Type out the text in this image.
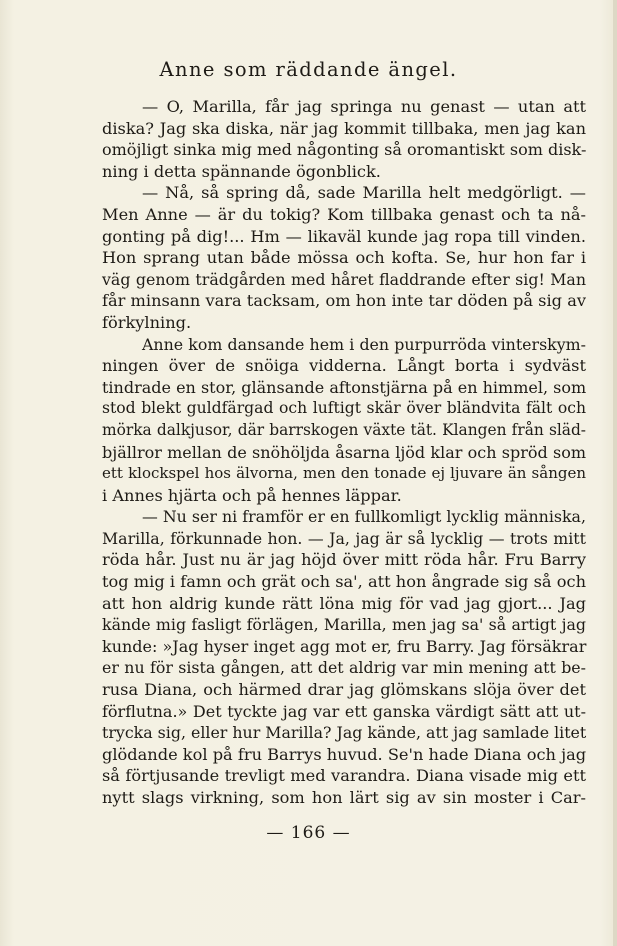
Anne som räddande ängel.
— O, Marilla, får jag springa nu genast — utan att
diska? Jag ska diska, när jag kommit tillbaka, men jag kan
omöjligt sinka mig med någonting så oromantiskt som disk-
ning i detta spännande ögonblick.
— Nå, så spring då, sade Marilla helt medgörligt. —
Men Anne — är du tokig? Kom tillbaka genast och ta nå-
gonting på dig!... Hm — likaväl kunde jag ropa till vinden.
Hon sprang utan både mössa och kofta. Se, hur hon far i
väg genom trädgården med håret fladdrande efter sig! Man
får minsann vara tacksam, om hon inte tar döden på sig av
förkylning.
Anne kom dansande hem i den purpurröda vinterskym-
ningen över de snöiga vidderna. Långt borta i sydväst
tindrade en stor, glänsande aftonstjärna på en himmel, som
stod blekt guldfärgad och luftigt skär över bländvita fält och
mörka dalkjusor, där barrskogen växte tät. Klangen från släd-
bjällror mellan de snöhöljda åsarna ljöd klar och spröd som
ett klockspel hos älvorna, men den tonade ej ljuvare än sången
i Annes hjärta och på hennes läppar.
— Nu ser ni framför er en fullkomligt lycklig människa,
Marilla, förkunnade hon. — Ja, jag är så lycklig — trots mitt
röda hår. Just nu är jag höjd över mitt röda hår. Fru Barry
tog mig i famn och grät och sa', att hon ångrade sig så och
att hon aldrig kunde rätt löna mig för vad jag gjort... Jag
kände mig fasligt förlägen, Marilla, men jag sa' så artigt jag
kunde: »Jag hyser inget agg mot er, fru Barry. Jag försäkrar
er nu för sista gången, att det aldrig var min mening att be-
rusa Diana, och härmed drar jag glömskans slöja över det
förflutna.» Det tyckte jag var ett ganska värdigt sätt att ut-
trycka sig, eller hur Marilla? Jag kände, att jag samlade litet
glödande kol på fru Barrys huvud. Se'n hade Diana och jag
så förtjusande trevligt med varandra. Diana visade mig ett
nytt slags virkning, som hon lärt sig av sin moster i Car-
— 166 —
